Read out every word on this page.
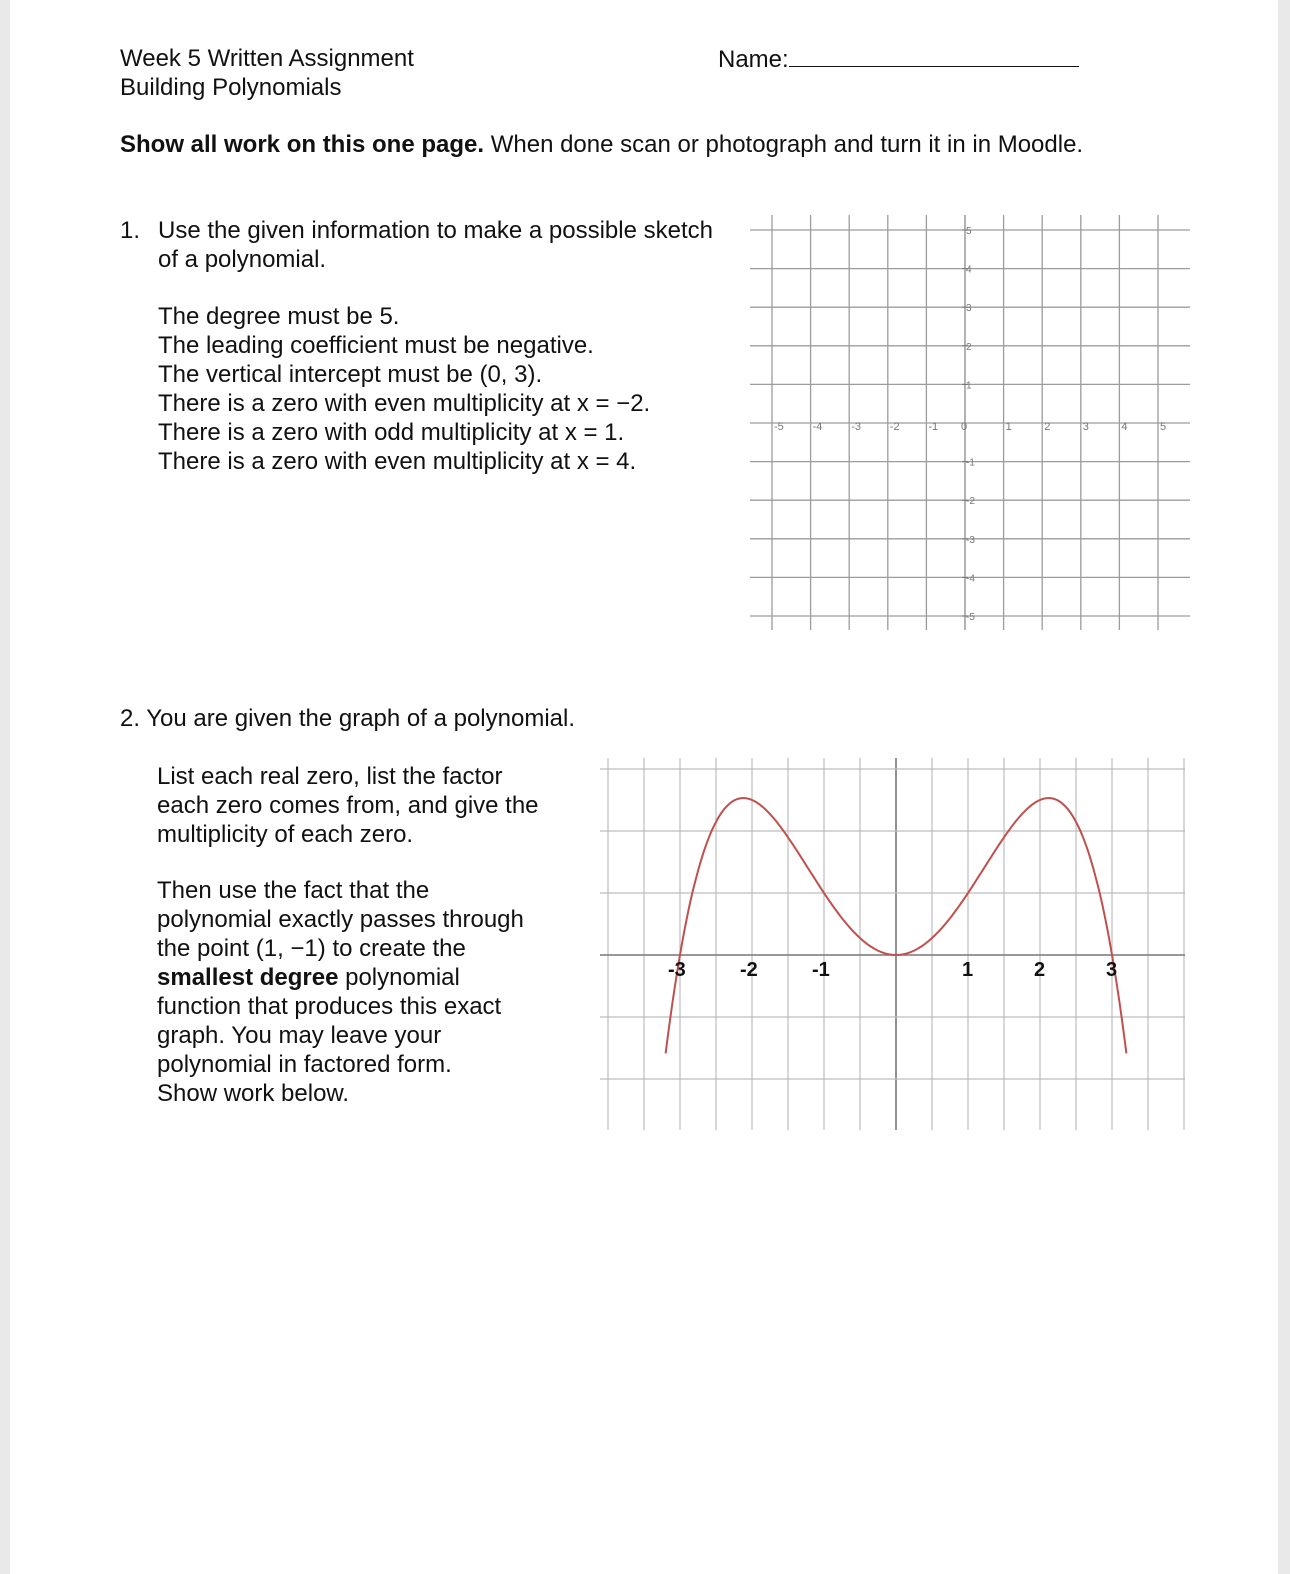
Week 5 Written Assignment
Building Polynomials
Name:
Show all work on this one page. When done scan or photograph and turn it in in Moodle.
1. Use the given information to make a possible sketch
of a polynomial.
The degree must be 5.
The leading coefficient must be negative.
The vertical intercept must be (0, 3).
There is a zero with even multiplicity at x = −2.
There is a zero with odd multiplicity at x = 1.
There is a zero with even multiplicity at x = 4.
-5	-4	-3	-2	-1 0	1	2	3	4	5
-5
-4
-3
-2
-1
1
2
3
4
5
2. You are given the graph of a polynomial.
List each real zero, list the factor
each zero comes from, and give the
multiplicity of each zero.
Then use the fact that the
polynomial exactly passes through
the point (1, −1) to create the
smallest degree polynomial
function that produces this exact
graph. You may leave your
polynomial in factored form.
Show work below.
-3	-2	-1	1	2	3
